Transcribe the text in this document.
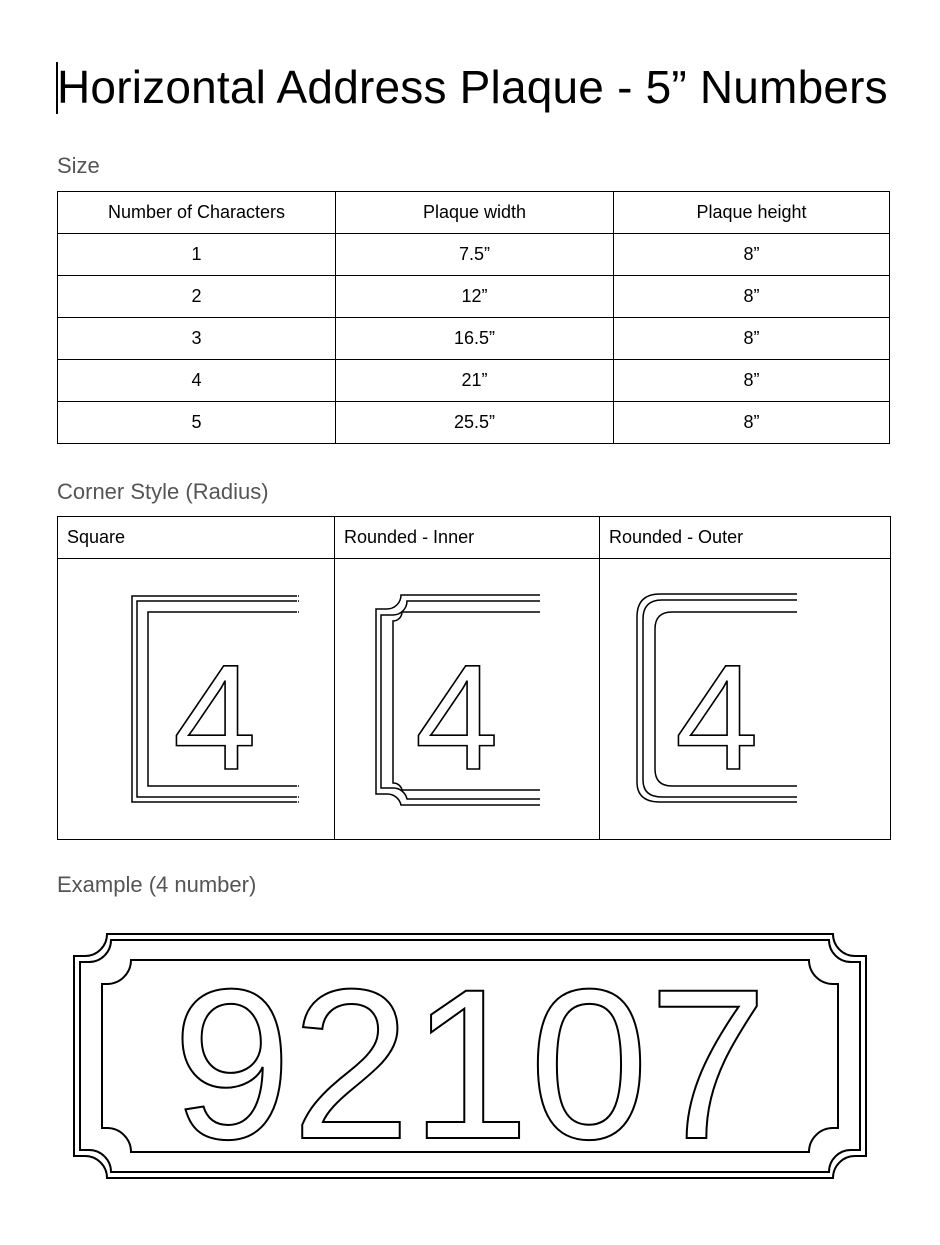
Horizontal Address Plaque - 5” Numbers
Size
Number of Characters	Plaque width	Plaque height
1	7.5”	8”
2	12”	8”
3	16.5”	8”
4	21”	8”
5	25.5”	8”
Corner Style (Radius)
Square	Rounded - Inner	Rounded - Outer

4	4	4
Example (4 number)
92107
